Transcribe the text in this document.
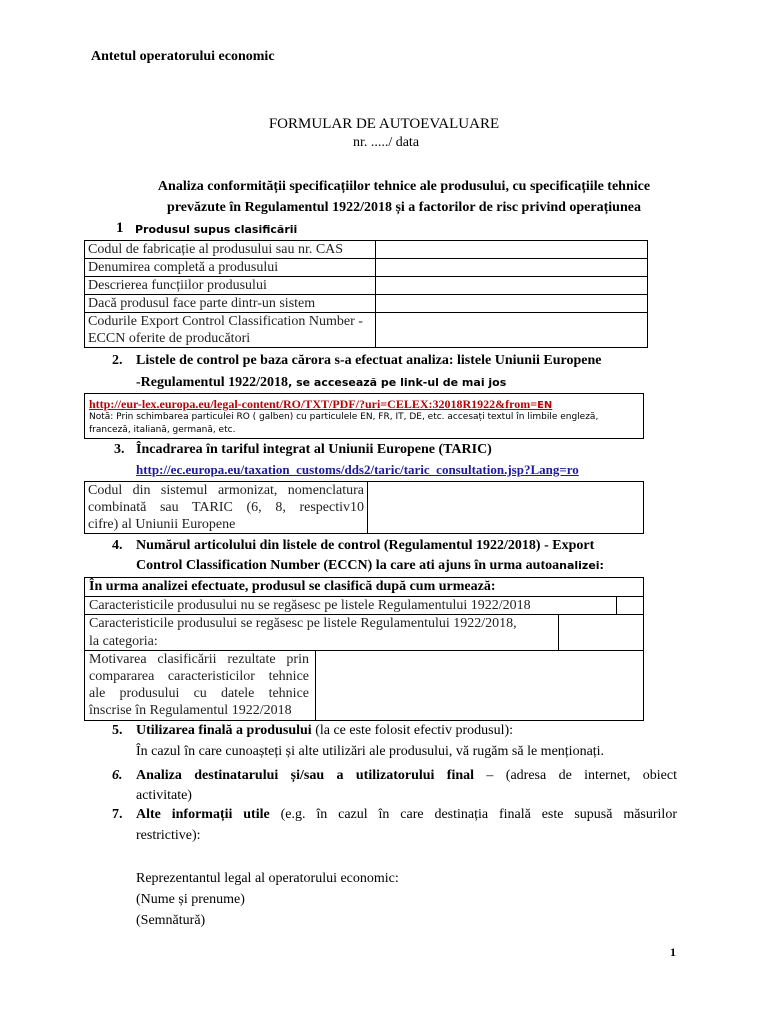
Antetul operatorului economic
FORMULAR DE AUTOEVALUARE
nr. ...../ data
Analiza conformității specificațiilor tehnice ale produsului, cu specificațiile tehnice
prevăzute în Regulamentul 1922/2018 și a factorilor de risc privind operațiunea
1 Produsul supus clasificării
Codul de fabricație al produsului sau nr. CAS	
Denumirea completă a produsului	
Descrierea funcțiilor produsului	
Dacă produsul face parte dintr-un sistem	
Codurile Export Control Classification Number - ECCN oferite de producători	
2. Listele de control pe baza cărora s-a efectuat analiza: listele Uniunii Europene
-Regulamentul 1922/2018, se accesează pe link-ul de mai jos
http://eur-lex.europa.eu/legal-content/RO/TXT/PDF/?uri=CELEX:32018R1922&from=EN
Notă: Prin schimbarea particulei RO ( galben) cu particulele EN, FR, IT, DE, etc. accesați textul în limbile engleză,
franceză, italiană, germană, etc.
3. Încadrarea în tariful integrat al Uniunii Europene (TARIC)
http://ec.europa.eu/taxation_customs/dds2/taric/taric_consultation.jsp?Lang=ro
Codul din sistemul armonizat, nomenclatura
combinată sau TARIC (6, 8, respectiv10
cifre) al Uniunii Europene

4. Numărul articolului din listele de control (Regulamentul 1922/2018) - Export
Control Classification Number (ECCN) la care ati ajuns în urma autoanalizei:
În urma analizei efectuate, produsul se clasifică după cum urmează:
Caracteristicile produsului nu se regăsesc pe listele Regulamentului 1922/2018
Caracteristicile produsului se regăsesc pe listele Regulamentului 1922/2018,
la categoria:
Motivarea clasificării rezultate prin
compararea caracteristicilor tehnice
ale produsului cu datele tehnice
înscrise în Regulamentul 1922/2018
5. Utilizarea finală a produsului (la ce este folosit efectiv produsul):
În cazul în care cunoașteți și alte utilizări ale produsului, vă rugăm să le menționați.
6. Analiza destinatarului și/sau a utilizatorului final – (adresa de internet, obiect
activitate)
7. Alte informații utile (e.g. în cazul în care destinația finală este supusă măsurilor
restrictive):
Reprezentantul legal al operatorului economic:
(Nume și prenume)
(Semnătură)
1
